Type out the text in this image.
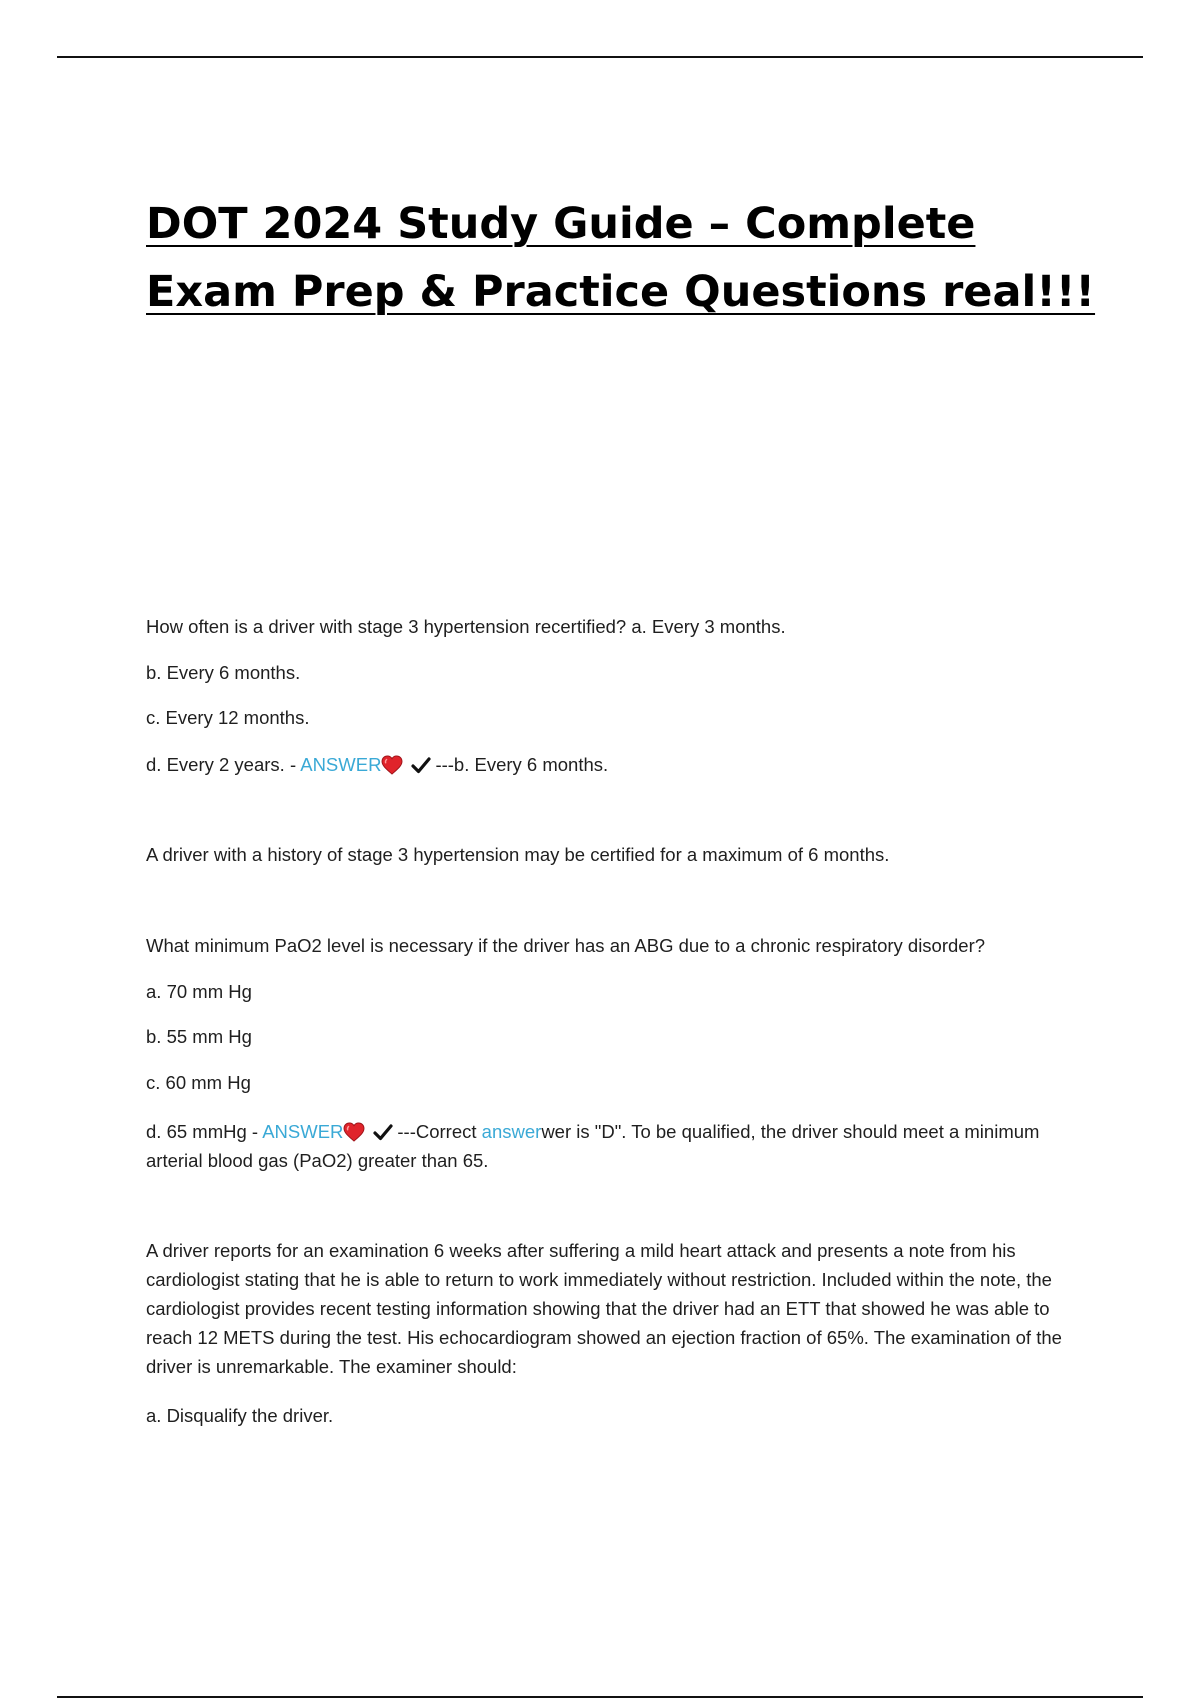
DOT 2024 Study Guide – Complete Exam Prep & Practice Questions real!!!

How often is a driver with stage 3 hypertension recertified? a. Every 3 months.

b. Every 6 months.

c. Every 12 months.

d. Every 2 years. - ANSWER	---b. Every 6 months.

A driver with a history of stage 3 hypertension may be certified for a maximum of 6 months.

What minimum PaO2 level is necessary if the driver has an ABG due to a chronic respiratory disorder?

a. 70 mm Hg

b. 55 mm Hg

c. 60 mm Hg

d. 65 mmHg - ANSWER	---Correct answerwer is "D". To be qualified, the driver should meet a minimum arterial blood gas (PaO2) greater than 65.

A driver reports for an examination 6 weeks after suffering a mild heart attack and presents a note from his cardiologist stating that he is able to return to work immediately without restriction. Included within the note, the cardiologist provides recent testing information showing that the driver had an ETT that showed he was able to reach 12 METS during the test. His echocardiogram showed an ejection fraction of 65%. The examination of the driver is unremarkable. The examiner should:

a. Disqualify the driver.
